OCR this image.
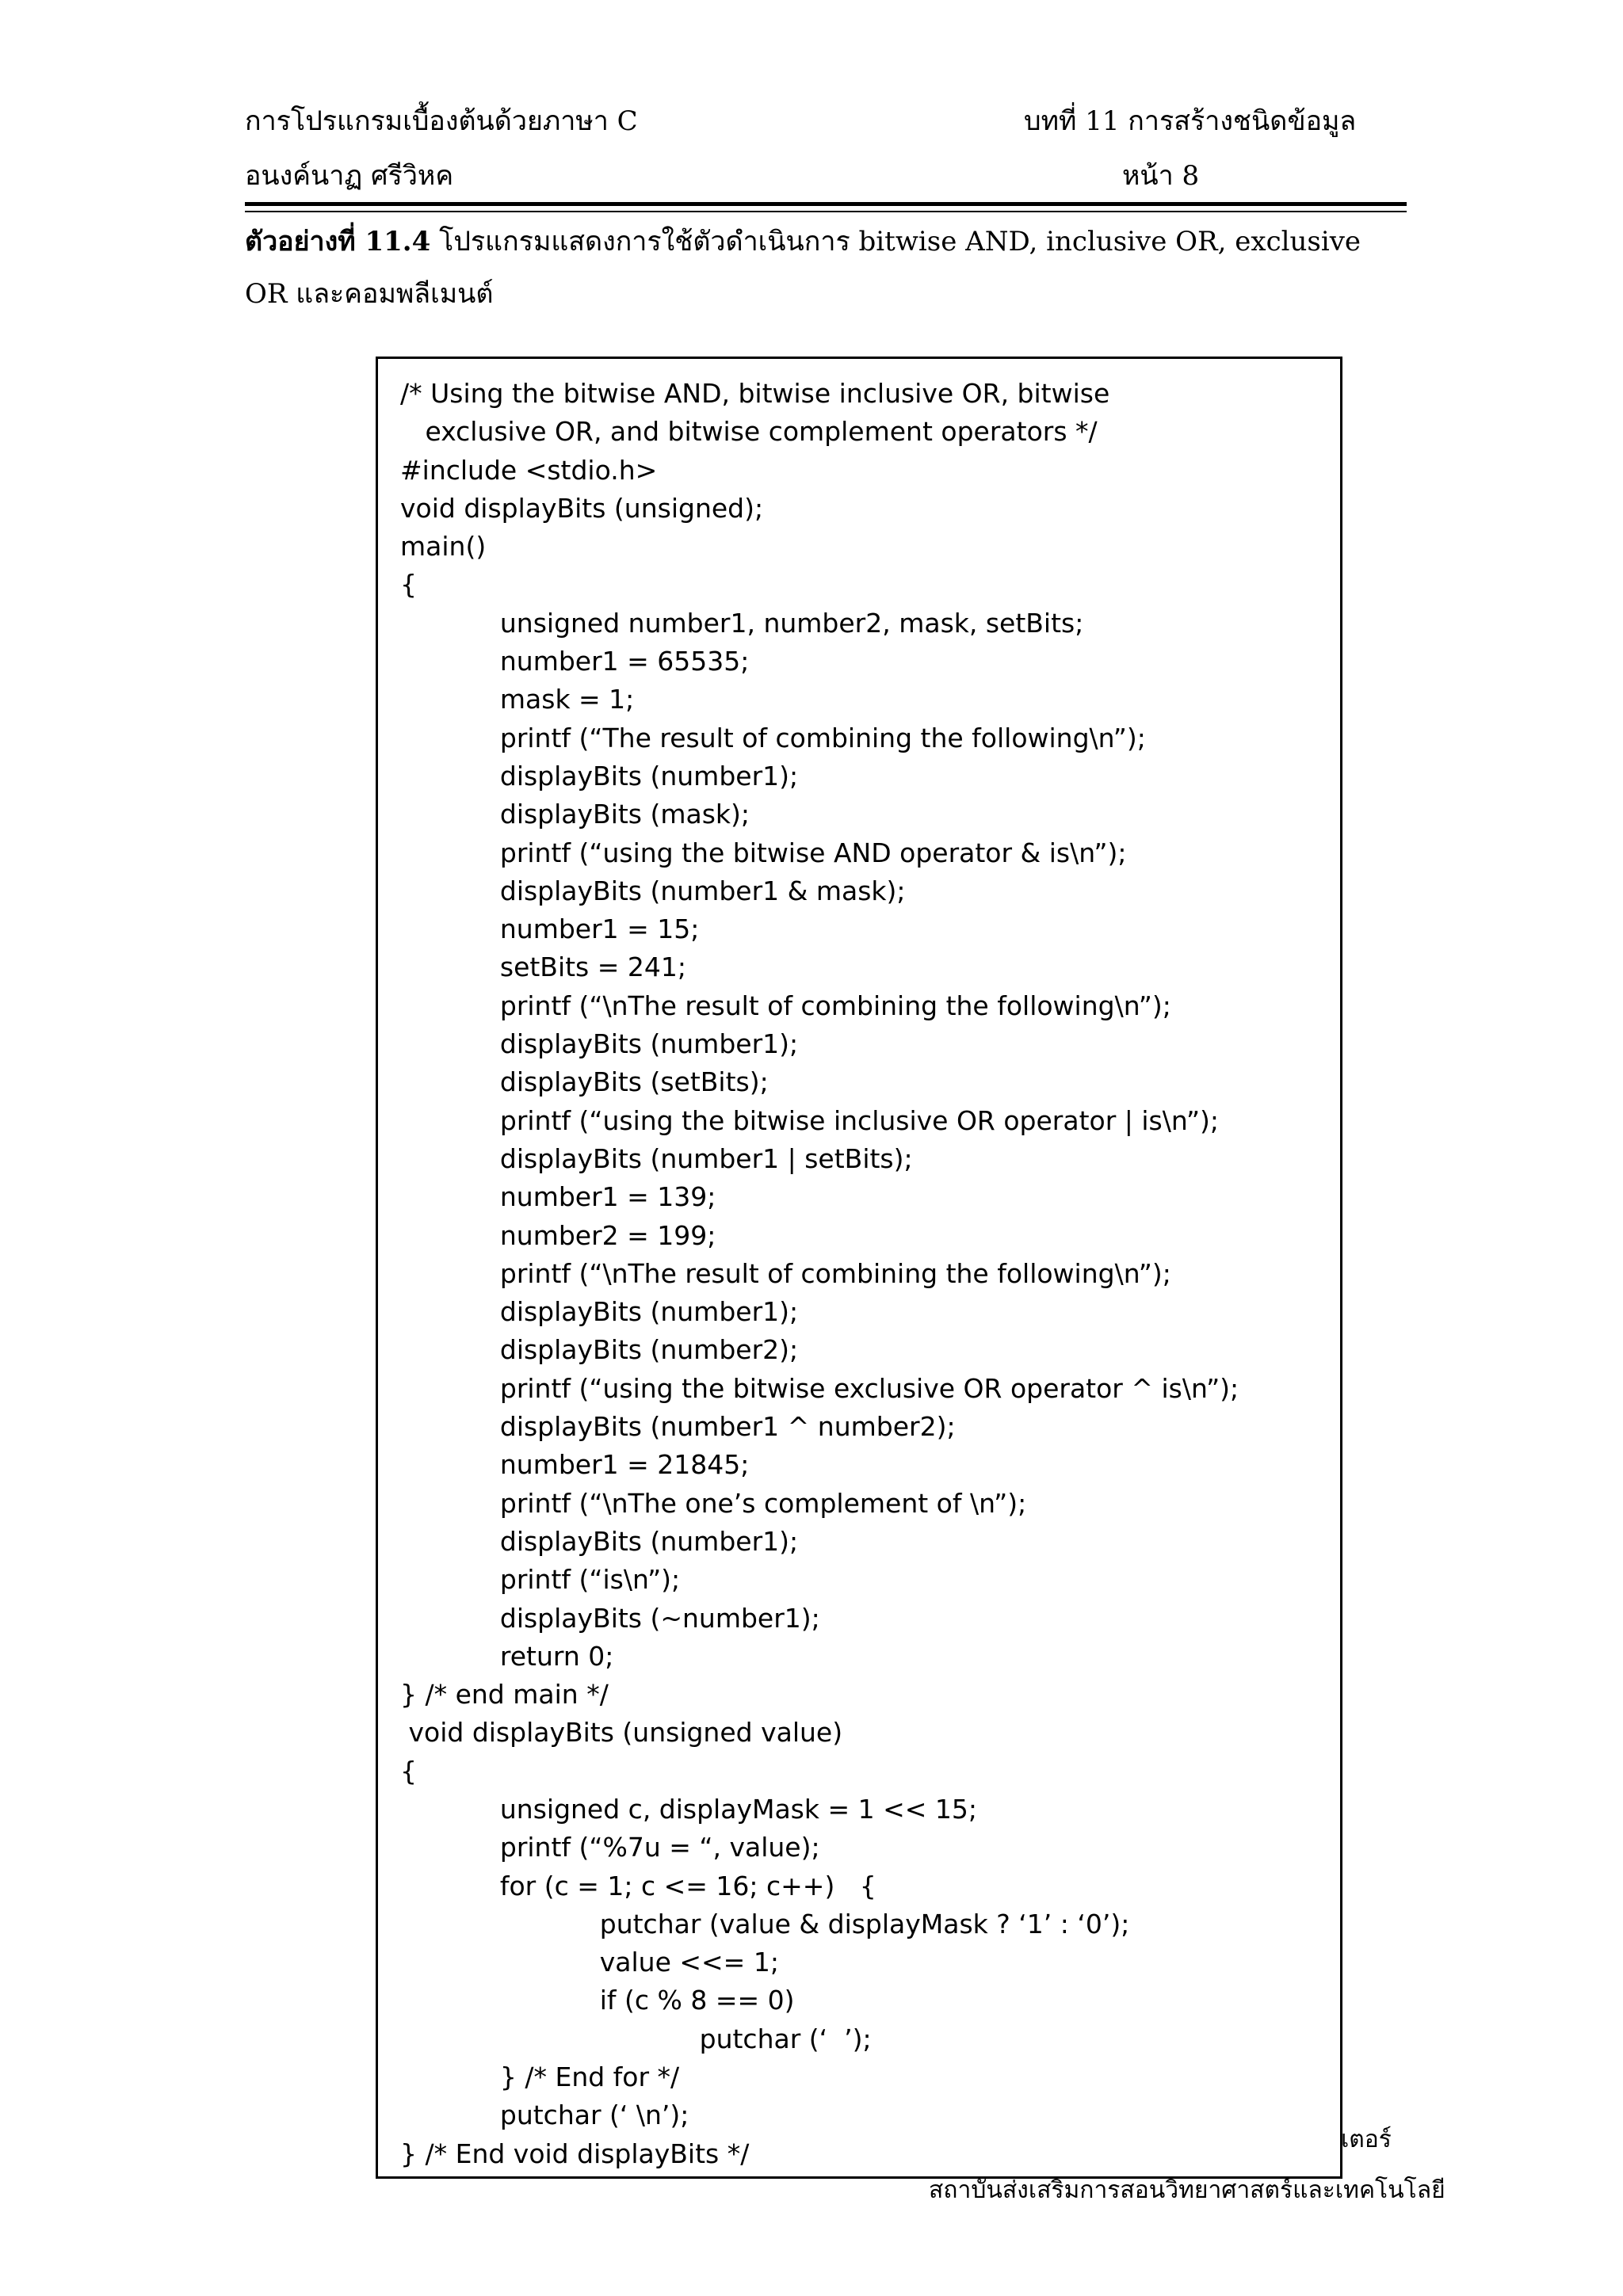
การโปรแกรมเบื้องต้นด้วยภาษา C
อนงค์นาฏ ศรีวิหค
บทที่ 11 การสร้างชนิดข้อมูล
หน้า 8
ตัวอย่างที่ 11.4 โปรแกรมแสดงการใช้ตัวดำเนินการ bitwise AND, inclusive OR, exclusive OR และคอมพลีเมนต์
/* Using the bitwise AND, bitwise inclusive OR, bitwise
exclusive OR, and bitwise complement operators */
#include <stdio.h>
void displayBits (unsigned);
main()
{
unsigned number1, number2, mask, setBits;
number1 = 65535;
mask = 1;
printf (“The result of combining the following\n”);
displayBits (number1);
displayBits (mask);
printf (“using the bitwise AND operator & is\n”);
displayBits (number1 & mask);
number1 = 15;
setBits = 241;
printf (“\nThe result of combining the following\n”);
displayBits (number1);
displayBits (setBits);
printf (“using the bitwise inclusive OR operator | is\n”);
displayBits (number1 | setBits);
number1 = 139;
number2 = 199;
printf (“\nThe result of combining the following\n”);
displayBits (number1);
displayBits (number2);
printf (“using the bitwise exclusive OR operator ^ is\n”);
displayBits (number1 ^ number2);
number1 = 21845;
printf (“\nThe one’s complement of \n”);
displayBits (number1);
printf (“is\n”);
displayBits (~number1);
return 0;
} /* end main */
void displayBits (unsigned value)
{
unsigned c, displayMask = 1 << 15;
printf (“%7u = “, value);
for (c = 1; c <= 16; c++)   {
putchar (value & displayMask ? ‘1’ : ‘0’);
value <<= 1;
if (c % 8 == 0)
putchar (‘  ’);
} /* End for */
putchar (‘ \n’);
} /* End void displayBits */	เตอร์
สถาบันส่งเสริมการสอนวิทยาศาสตร์และเทคโนโลยี
